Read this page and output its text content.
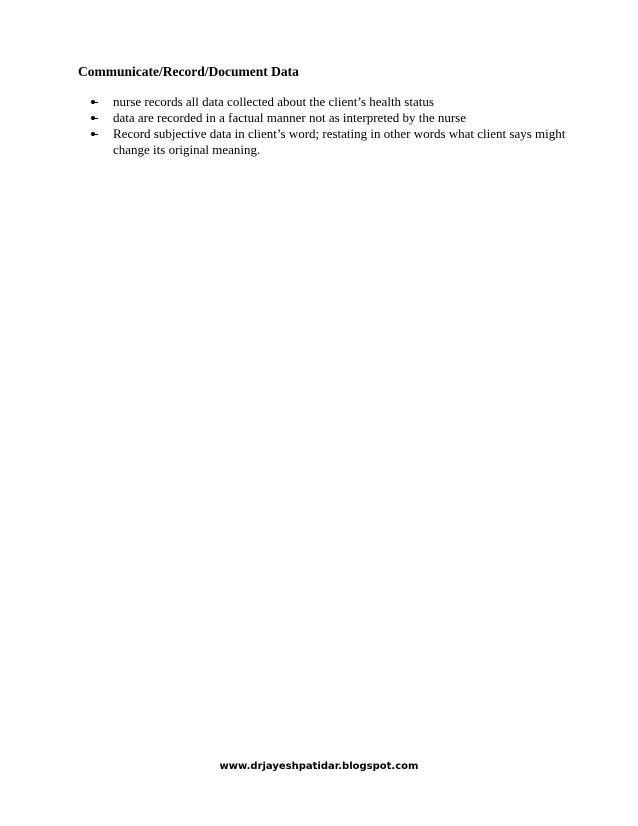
Communicate/Record/Document Data
nurse records all data collected about the client’s health status
data are recorded in a factual manner not as interpreted by the nurse
Record subjective data in client’s word; restating in other words what client says might change its original meaning.
www.drjayeshpatidar.blogspot.com
